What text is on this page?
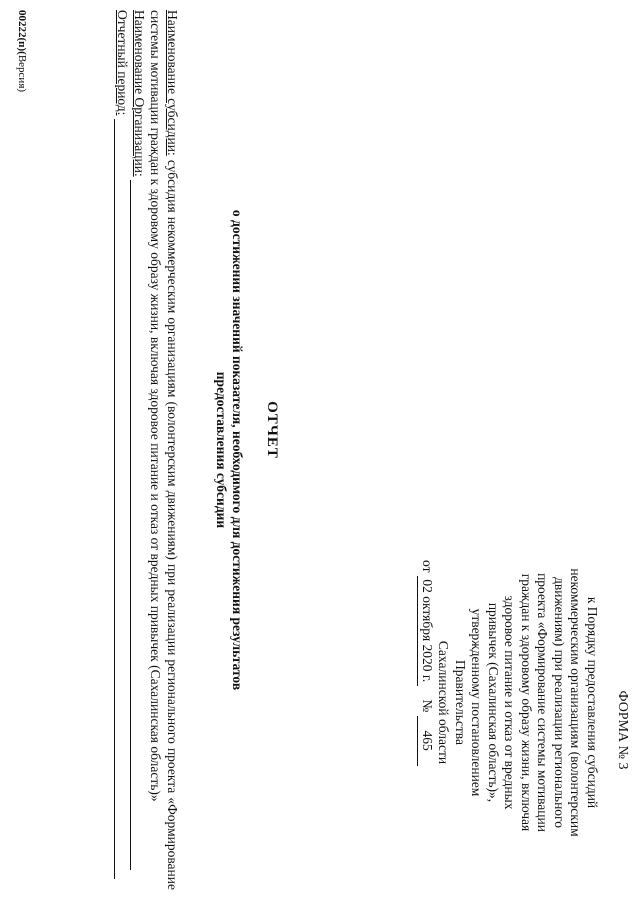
ФОРМА № 3

к Порядку предоставления субсидий

некоммерческим организациям (волонтерским

движениям) при реализации регионального

проекта «Формирование системы мотивации

граждан к здоровому образу жизни, включая

здоровое питание и отказ от вредных

привычек (Сахалинская область)»,

утвержденному постановлением

Правительства

Сахалинской области

от 02 октября 2020 г.    № 465

ОТЧЕТ
о достижении значений показателя, необходимого для достижения результатов предоставления субсидии

Наименование субсидии: субсидия некоммерческим организациям (волонтерским движениям) при реализации регионального проекта «Формирование системы мотивации граждан к здоровому образу жизни, включая здоровое питание и отказ от вредных привычек (Сахалинская область)»

Наименование Организации:

Отчетный период:

00222(п)(Версия)
